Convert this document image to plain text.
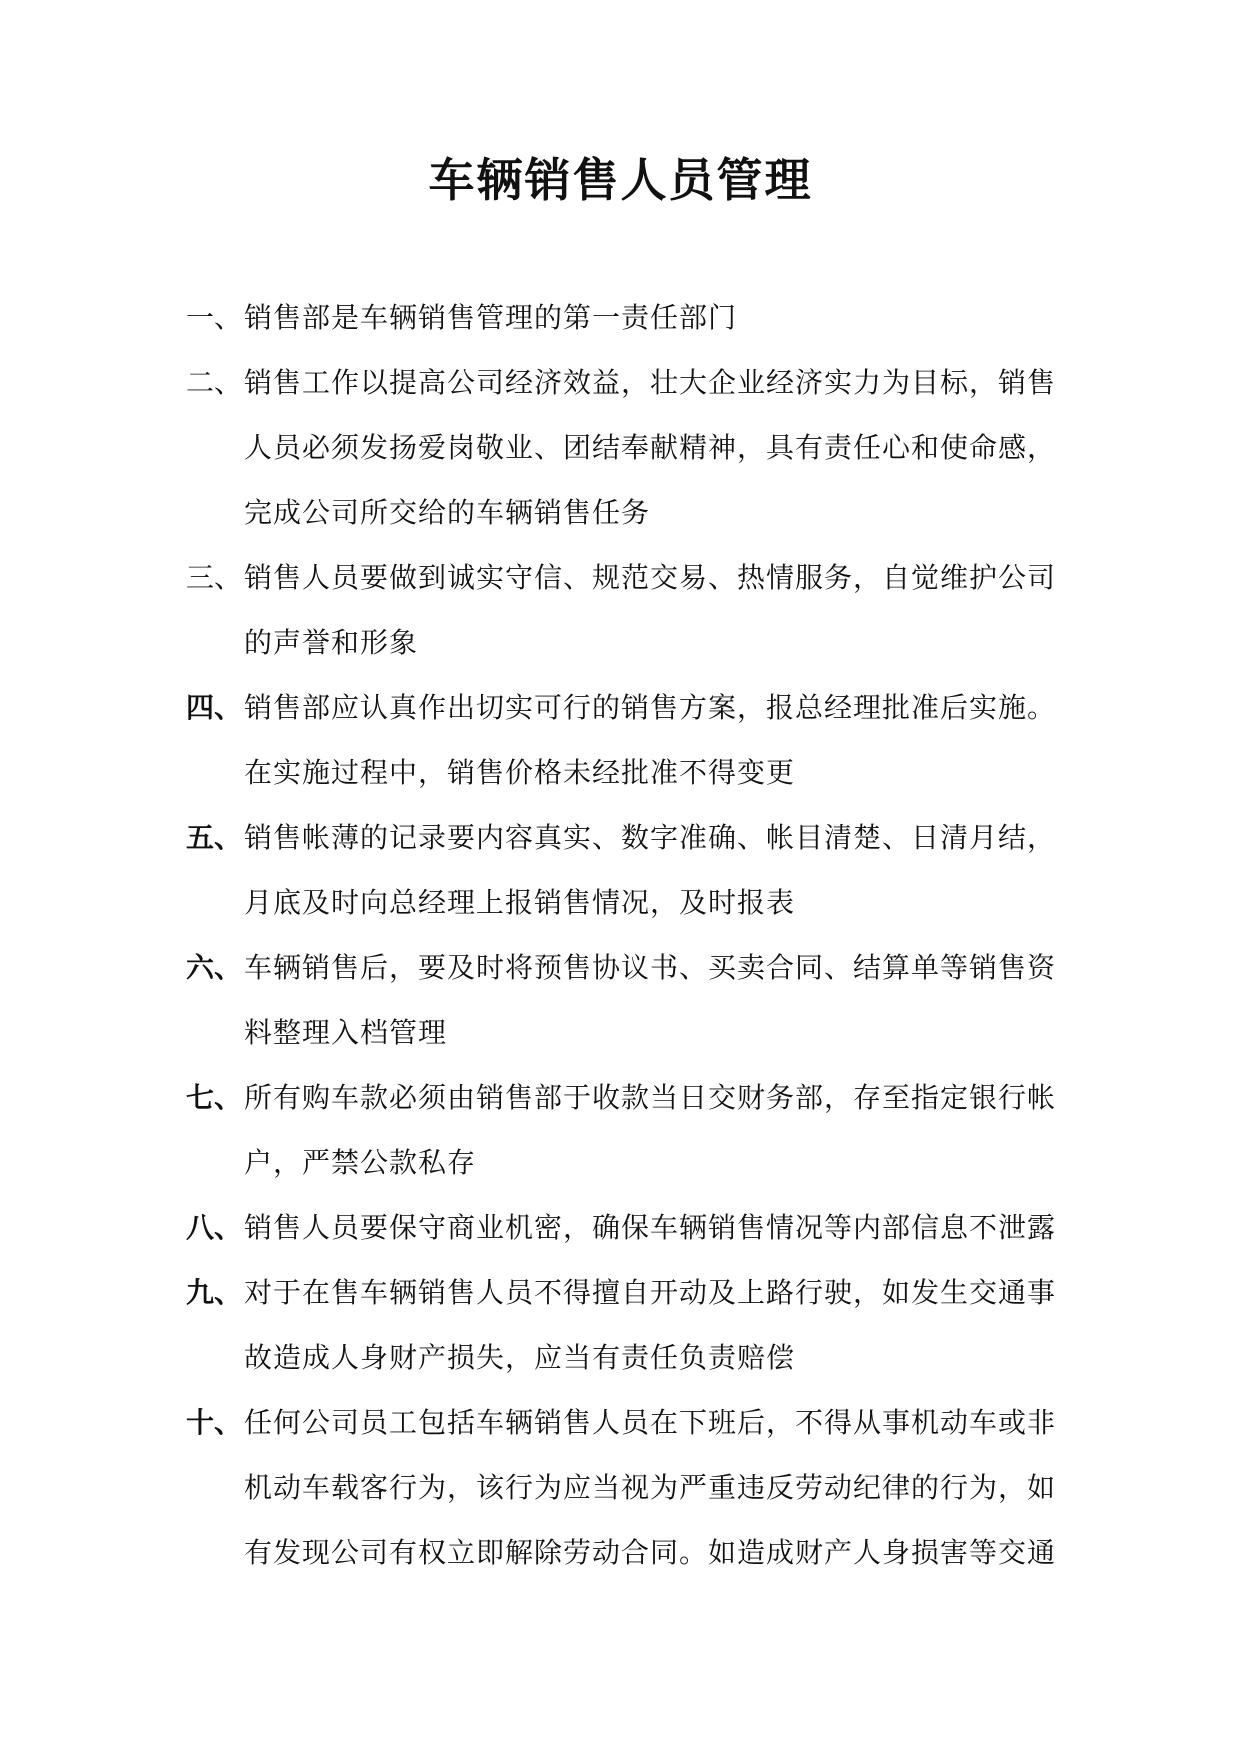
车辆销售人员管理
一、 销售部是车辆销售管理的第一责任部门
二、 销售工作以提高公司经济效益，壮大企业经济实力为目标，销售
人员必须发扬爱岗敬业、团结奉献精神，具有责任心和使命感，
完成公司所交给的车辆销售任务
三、 销售人员要做到诚实守信、规范交易、热情服务，自觉维护公司
的声誉和形象
四、 销售部应认真作出切实可行的销售方案，报总经理批准后实施。
在实施过程中，销售价格未经批准不得变更
五、 销售帐薄的记录要内容真实、数字准确、帐目清楚、日清月结，
月底及时向总经理上报销售情况，及时报表
六、 车辆销售后，要及时将预售协议书、买卖合同、结算单等销售资
料整理入档管理
七、 所有购车款必须由销售部于收款当日交财务部，存至指定银行帐
户，严禁公款私存
八、 销售人员要保守商业机密，确保车辆销售情况等内部信息不泄露
九、 对于在售车辆销售人员不得擅自开动及上路行驶，如发生交通事
故造成人身财产损失，应当有责任负责赔偿
十、 任何公司员工包括车辆销售人员在下班后，不得从事机动车或非
机动车载客行为，该行为应当视为严重违反劳动纪律的行为，如
有发现公司有权立即解除劳动合同。如造成财产人身损害等交通
